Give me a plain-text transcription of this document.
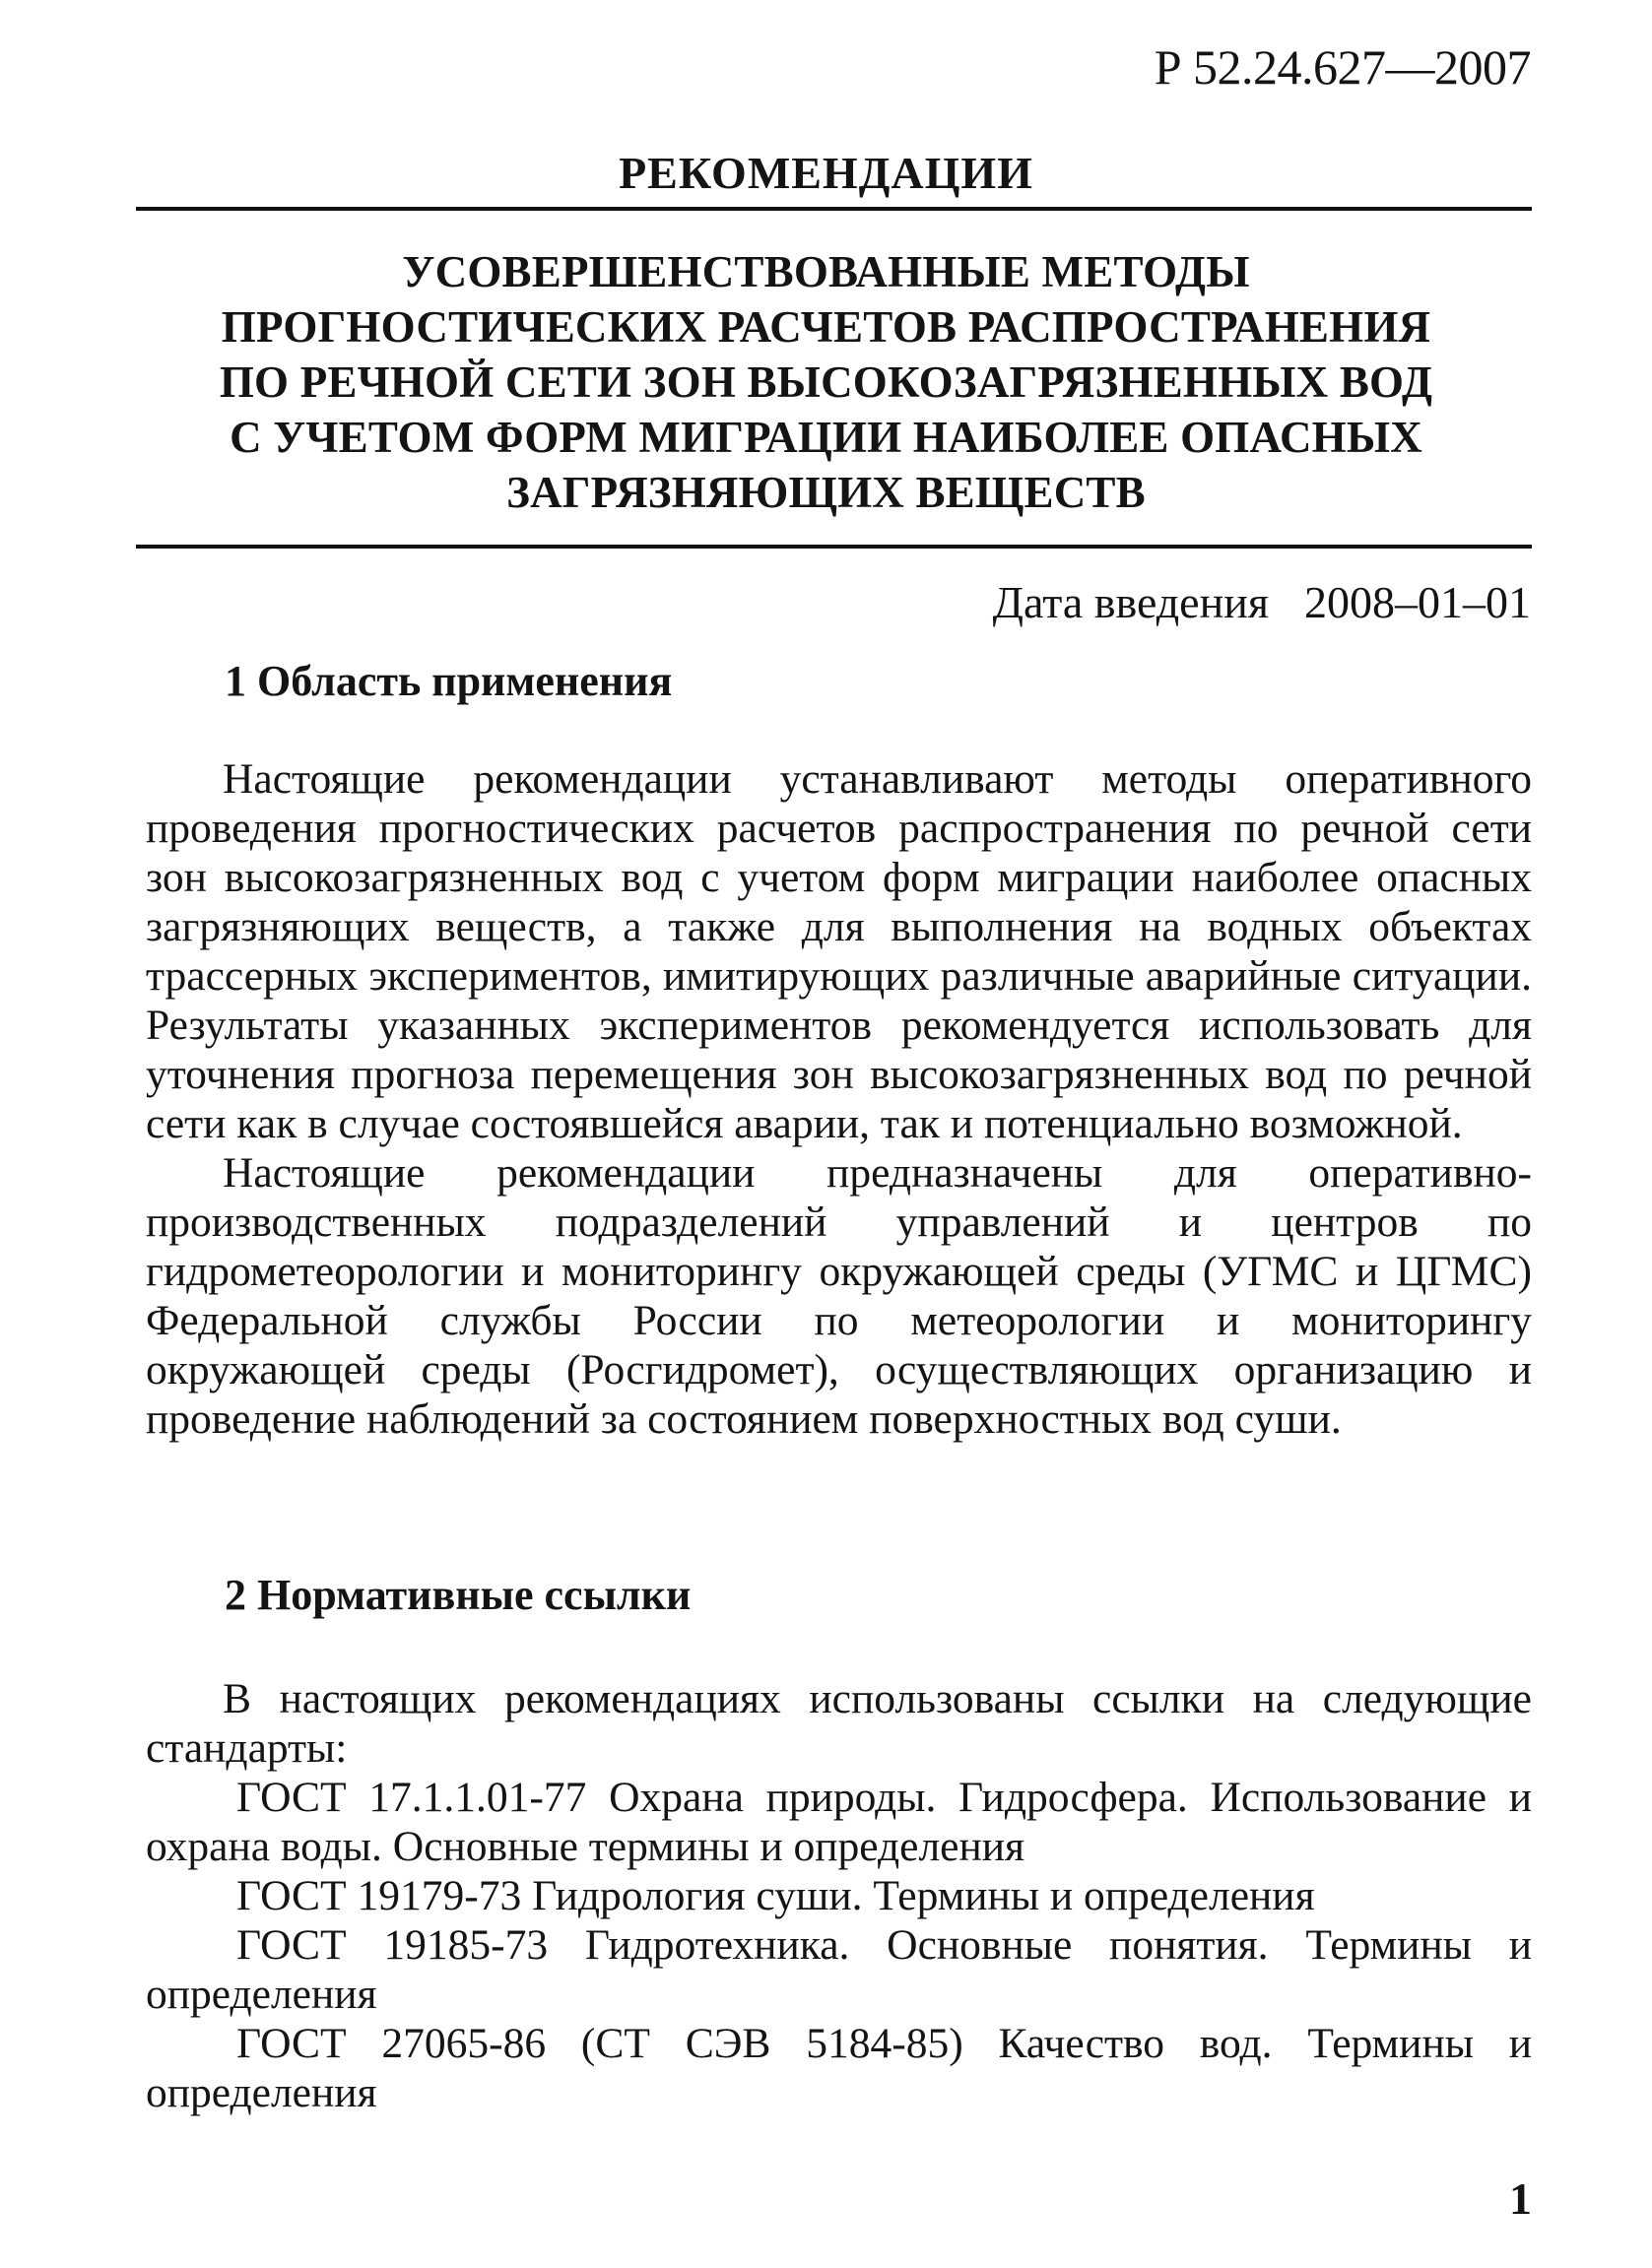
Р 52.24.627—2007
РЕКОМЕНДАЦИИ
УСОВЕРШЕНСТВОВАННЫЕ МЕТОДЫ
ПРОГНОСТИЧЕСКИХ РАСЧЕТОВ РАСПРОСТРАНЕНИЯ
ПО РЕЧНОЙ СЕТИ ЗОН ВЫСОКОЗАГРЯЗНЕННЫХ ВОД
С УЧЕТОМ ФОРМ МИГРАЦИИ НАИБОЛЕЕ ОПАСНЫХ
ЗАГРЯЗНЯЮЩИХ ВЕЩЕСТВ
Дата введения 2008–01–01
1 Область применения

Настоящие рекомендации устанавливают методы оперативного проведения прогностических расчетов распространения по речной сети зон высокозагрязненных вод с учетом форм миграции наиболее опасных загрязняющих веществ, а также для выполнения на водных объектах трассерных экспериментов, имитирующих различные аварийные ситуации. Результаты указанных экспериментов рекомендуется использовать для уточнения прогноза перемещения зон высокозагрязненных вод по речной сети как в случае состоявшейся аварии, так и потенциально возможной.

Настоящие рекомендации предназначены для оперативно-производственных подразделений управлений и центров по гидрометеорологии и мониторингу окружающей среды (УГМС и ЦГМС) Федеральной службы России по метеорологии и мониторингу окружающей среды (Росгидромет), осуществляющих организацию и проведение наблюдений за состоянием поверхностных вод суши.

2 Нормативные ссылки

В настоящих рекомендациях использованы ссылки на следующие стандарты:

ГОСТ 17.1.1.01-77 Охрана природы. Гидросфера. Использование и охрана воды. Основные термины и определения

ГОСТ 19179-73 Гидрология суши. Термины и определения

ГОСТ 19185-73 Гидротехника. Основные понятия. Термины и определения

ГОСТ 27065-86 (СТ СЭВ 5184-85) Качество вод. Термины и определения

1
